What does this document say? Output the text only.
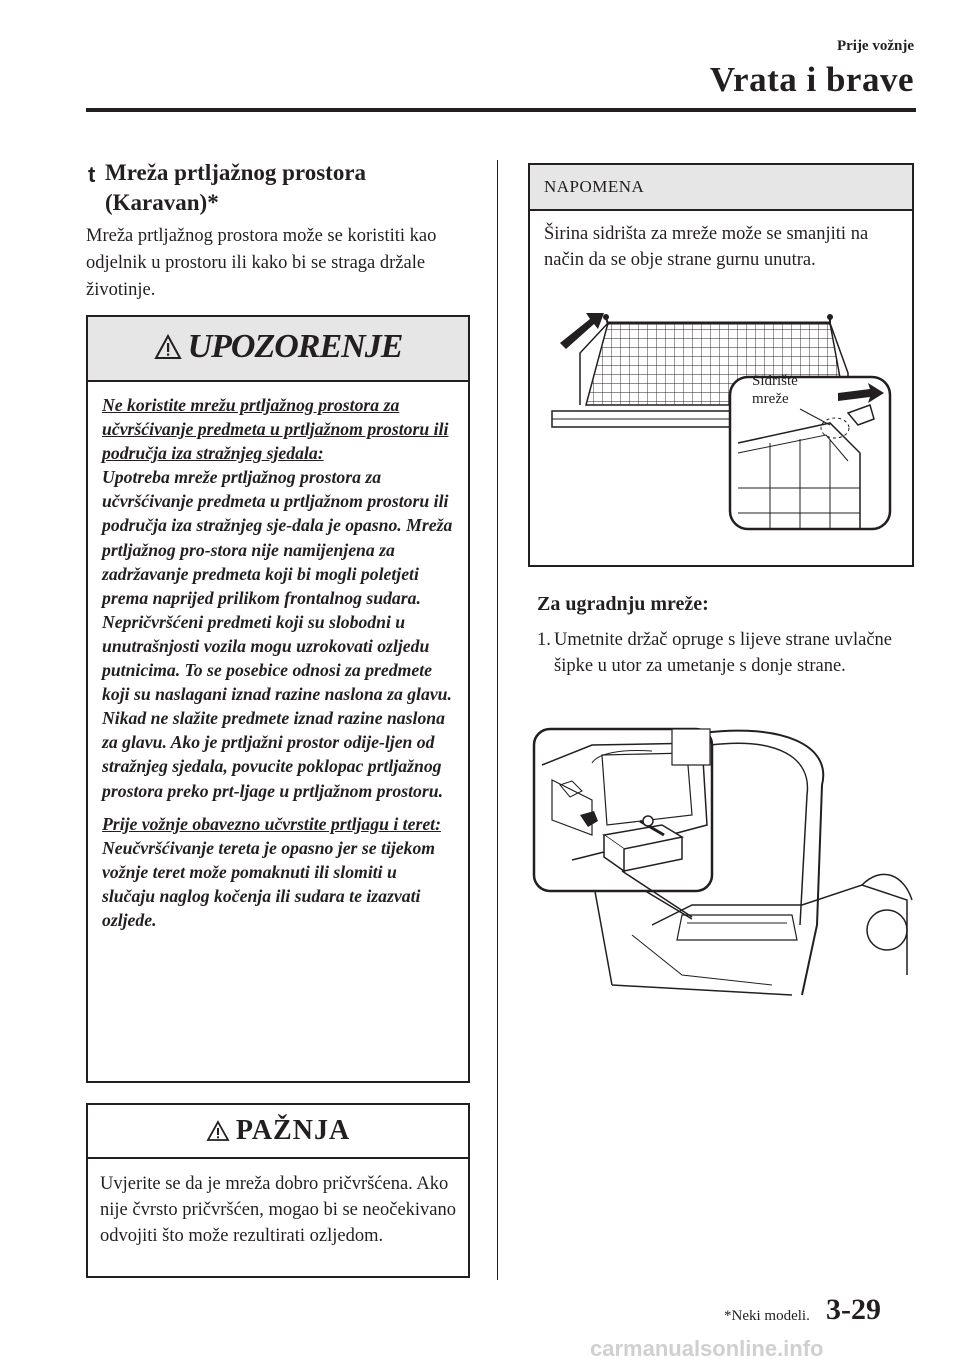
Prije vožnje
Vrata i brave
t Mreža prtljažnog prostora
(Karavan)*
Mreža prtljažnog prostora može se koristiti kao odjelnik u prostoru ili kako bi se straga držale životinje.
UPOZORENJE

Ne koristite mrežu prtljažnog prostora za učvršćivanje predmeta u prtljažnom prostoru ili područja iza stražnjeg sjedala:
Upotreba mreže prtljažnog prostora za učvršćivanje predmeta u prtljažnom prostoru ili područja iza stražnjeg sje-dala je opasno. Mreža prtljažnog pro-stora nije namijenjena za zadržavanje predmeta koji bi mogli poletjeti prema naprijed prilikom frontalnog sudara. Nepričvršćeni predmeti koji su slobodni u unutrašnjosti vozila mogu uzrokovati ozljedu putnicima. To se posebice odnosi za predmete koji su naslagani iznad razine naslona za glavu. Nikad ne slažite predmete iznad razine naslona za glavu. Ako je prtljažni prostor odije-ljen od stražnjeg sjedala, povucite poklopac prtljažnog prostora preko prt-ljage u prtljažnom prostoru.

Prije vožnje obavezno učvrstite prtljagu i teret:
Neučvršćivanje tereta je opasno jer se tijekom vožnje teret može pomaknuti ili slomiti u slučaju naglog kočenja ili sudara te izazvati ozljede.

PAŽNJA
Uvjerite se da je mreža dobro pričvršćena. Ako nije čvrsto pričvršćen, mogao bi se neočekivano odvojiti što može rezultirati ozljedom.
NAPOMENA
Širina sidrišta za mreže može se smanjiti na način da se obje strane gurnu unutra.
Sidrište
mreže
Za ugradnju mreže:
1. Umetnite držač opruge s lijeve strane uvlačne šipke u utor za umetanje s donje strane.
*Neki modeli. 3-29
carmanualsonline.info
